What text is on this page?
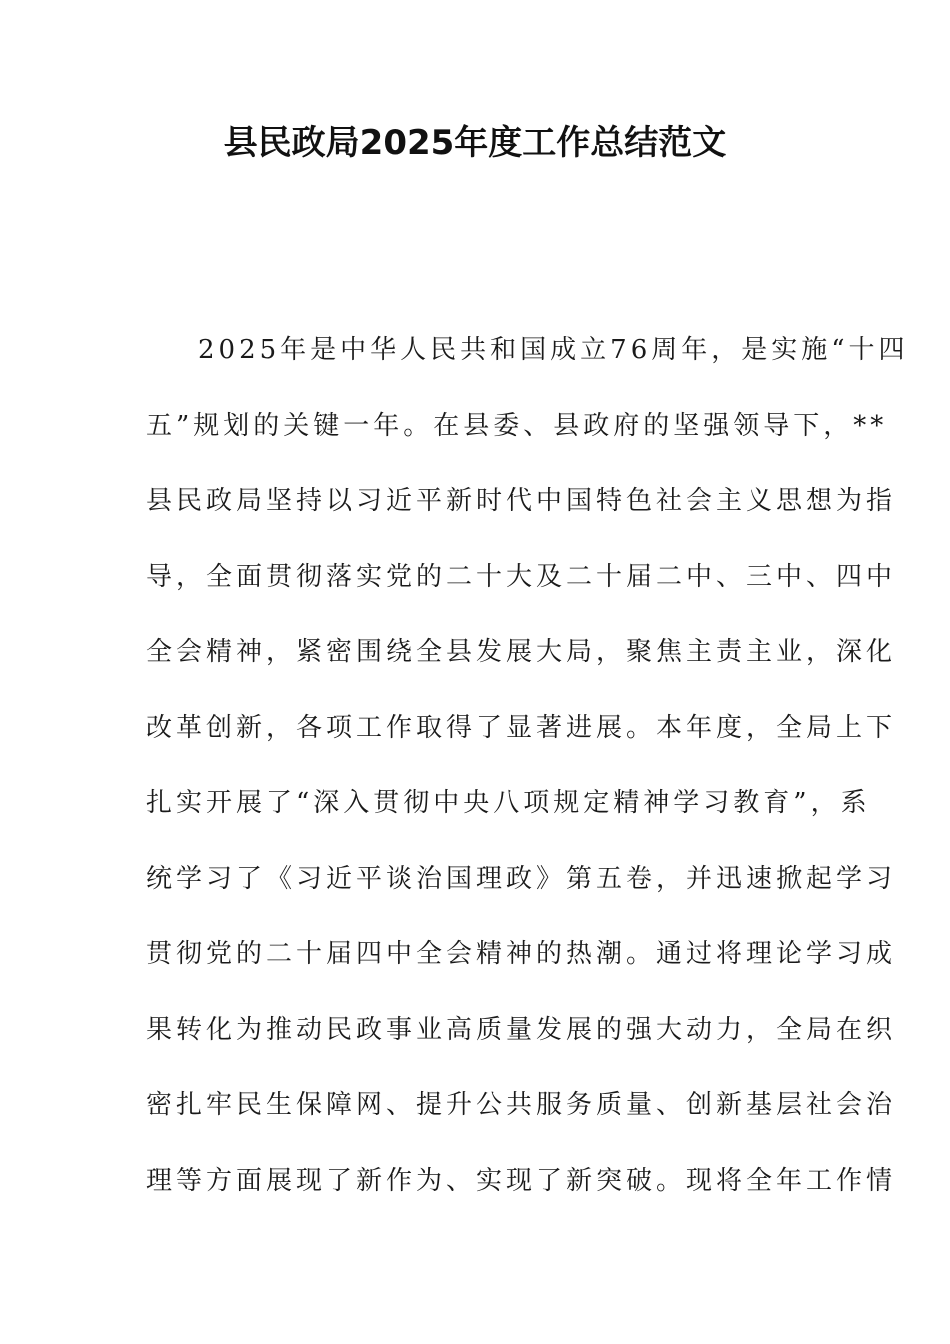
县民政局2025年度工作总结范文
2025年是中华人民共和国成立76周年，是实施“十四
五”规划的关键一年。在县委、县政府的坚强领导下，**
县民政局坚持以习近平新时代中国特色社会主义思想为指
导，全面贯彻落实党的二十大及二十届二中、三中、四中
全会精神，紧密围绕全县发展大局，聚焦主责主业，深化
改革创新，各项工作取得了显著进展。本年度，全局上下
扎实开展了“深入贯彻中央八项规定精神学习教育”，系
统学习了《习近平谈治国理政》第五卷，并迅速掀起学习
贯彻党的二十届四中全会精神的热潮。通过将理论学习成
果转化为推动民政事业高质量发展的强大动力，全局在织
密扎牢民生保障网、提升公共服务质量、创新基层社会治
理等方面展现了新作为、实现了新突破。现将全年工作情
